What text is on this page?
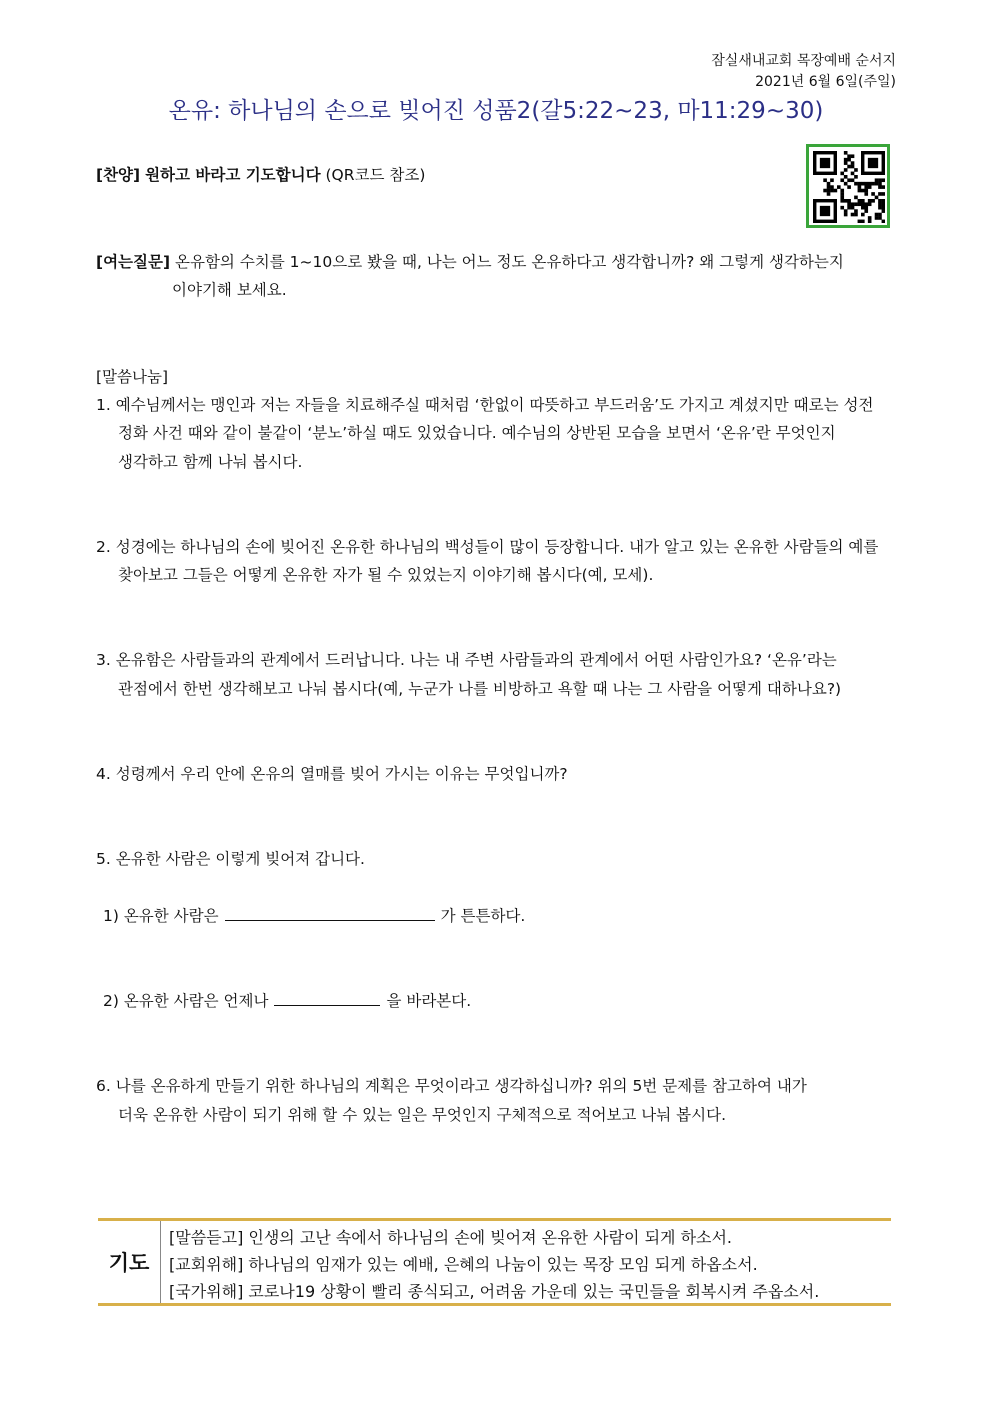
잠실새내교회 목장예배 순서지
2021년 6월 6일(주일)
온유: 하나님의 손으로 빚어진 성품2(갈5:22~23, 마11:29~30)
[찬양] 원하고 바라고 기도합니다 (QR코드 참조)
[여는질문] 온유함의 수치를 1~10으로 봤을 때, 나는 어느 정도 온유하다고 생각합니까? 왜 그렇게 생각하는지
이야기해 보세요.
[말씀나눔]
1. 예수님께서는 맹인과 저는 자들을 치료해주실 때처럼 ‘한없이 따뜻하고 부드러움’도 가지고 계셨지만 때로는 성전
정화 사건 때와 같이 불같이 ‘분노’하실 때도 있었습니다. 예수님의 상반된 모습을 보면서 ‘온유’란 무엇인지
생각하고 함께 나눠 봅시다.
2. 성경에는 하나님의 손에 빚어진 온유한 하나님의 백성들이 많이 등장합니다. 내가 알고 있는 온유한 사람들의 예를
찾아보고 그들은 어떻게 온유한 자가 될 수 있었는지 이야기해 봅시다(예, 모세).
3. 온유함은 사람들과의 관계에서 드러납니다. 나는 내 주변 사람들과의 관계에서 어떤 사람인가요? ‘온유’라는
관점에서 한번 생각해보고 나눠 봅시다(예, 누군가 나를 비방하고 욕할 때 나는 그 사람을 어떻게 대하나요?)
4. 성령께서 우리 안에 온유의 열매를 빚어 가시는 이유는 무엇입니까?
5. 온유한 사람은 이렇게 빚어져 갑니다.
1) 온유한 사람은	가 튼튼하다.
2) 온유한 사람은 언제나	을 바라본다.
6. 나를 온유하게 만들기 위한 하나님의 계획은 무엇이라고 생각하십니까? 위의 5번 문제를 참고하여 내가
더욱 온유한 사람이 되기 위해 할 수 있는 일은 무엇인지 구체적으로 적어보고 나눠 봅시다.
기도
[말씀듣고] 인생의 고난 속에서 하나님의 손에 빚어져 온유한 사람이 되게 하소서.
[교회위해] 하나님의 임재가 있는 예배, 은혜의 나눔이 있는 목장 모임 되게 하옵소서.
[국가위해] 코로나19 상황이 빨리 종식되고, 어려움 가운데 있는 국민들을 회복시켜 주옵소서.
